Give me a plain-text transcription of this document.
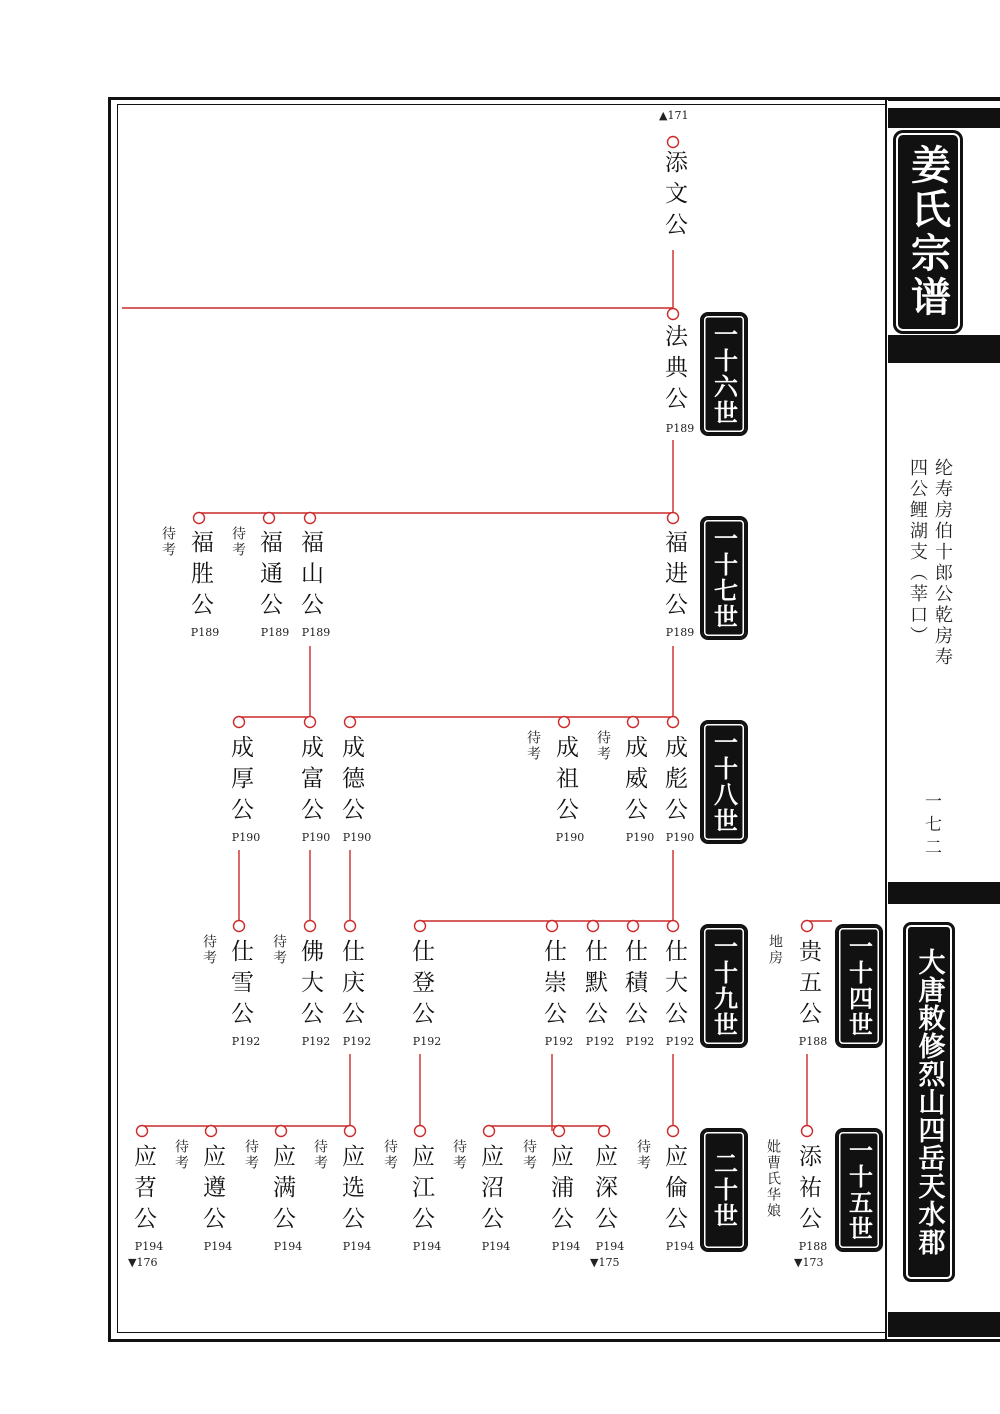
姜氏宗谱
纶寿房伯十郎公乾房寿四公鲤湖支（莘口）
一七二
大唐敕修烈山四岳天水郡
一十六世
一十七世
一十八世
一十九世
二十世
一十四世
一十五世
▲171
▼176	▼175	▼173
添文公
法典公
P189
福进公
P189
福山公
P189
福通公
P189
待考
福胜公
P189
待考
成彪公
P190
成威公
P190
待考
成祖公
P190
待考
成德公
P190
成富公
P190
成厚公
P190
仕大公
P192
仕積公
P192
仕默公
P192
仕崇公
P192
仕登公
P192
仕庆公
P192
佛大公
P192
待考
仕雪公
P192
待考
应倫公
P194
待考
应深公
P194
应浦公
P194
待考
应沼公
P194
待考
应江公
P194
待考
应选公
P194
待考
应满公
P194
待考
应遵公
P194
待考
应苕公
P194
贵五公
P188
地房
添祐公
P188
妣曹氏华娘
